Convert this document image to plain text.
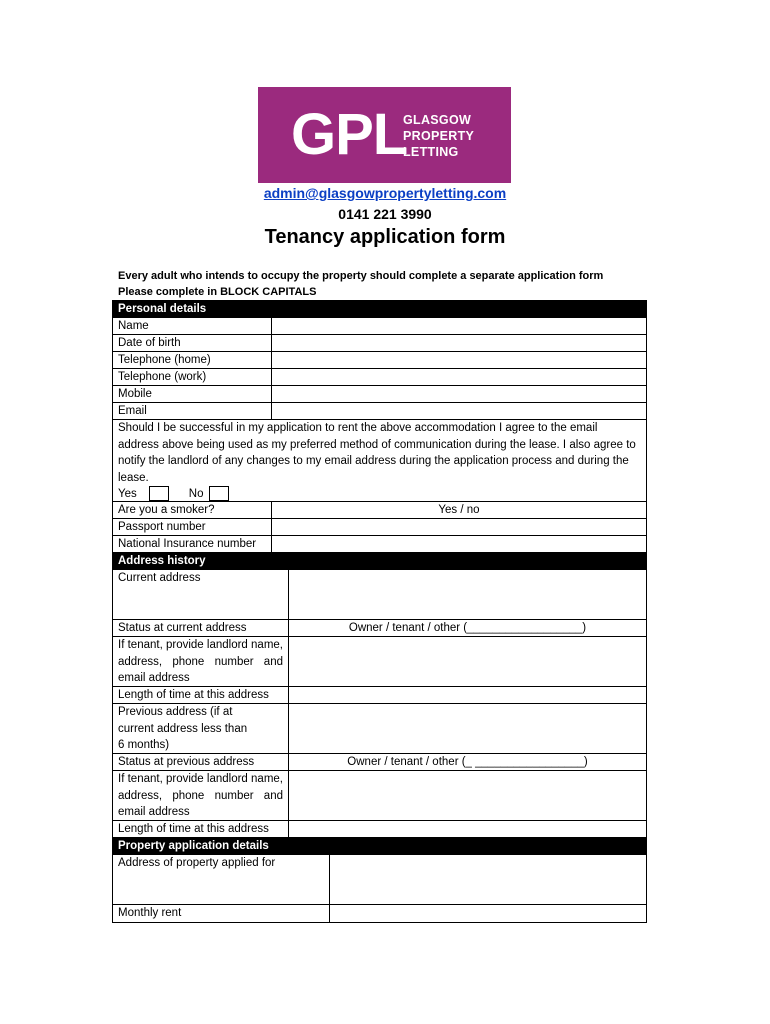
GPL
GLASGOW
PROPERTY
LETTING
admin@glasgowpropertyletting.com
0141 221 3990
Tenancy application form
Every adult who intends to occupy the property should complete a separate application form
Please complete in BLOCK CAPITALS
Personal details
Name
Date of birth
Telephone (home)
Telephone (work)
Mobile
Email
Should I be successful in my application to rent the above accommodation I agree to the email address above being used as my preferred method of communication during the lease. I also agree to notify the landlord of any changes to my email address during the application process and during the lease.
Yes	No
Are you a smoker?	Yes / no
Passport number
National Insurance number
Address history
Current address
Status at current address	Owner / tenant / other (__________________)
If tenant, provide landlord name, address, phone number and email address
Length of time at this address
Previous address (if at current address less than 6 months)
Status at previous address	Owner / tenant / other (_ _________________)
If tenant, provide landlord name, address, phone number and email address
Length of time at this address
Property application details
Address of property applied for
Monthly rent
